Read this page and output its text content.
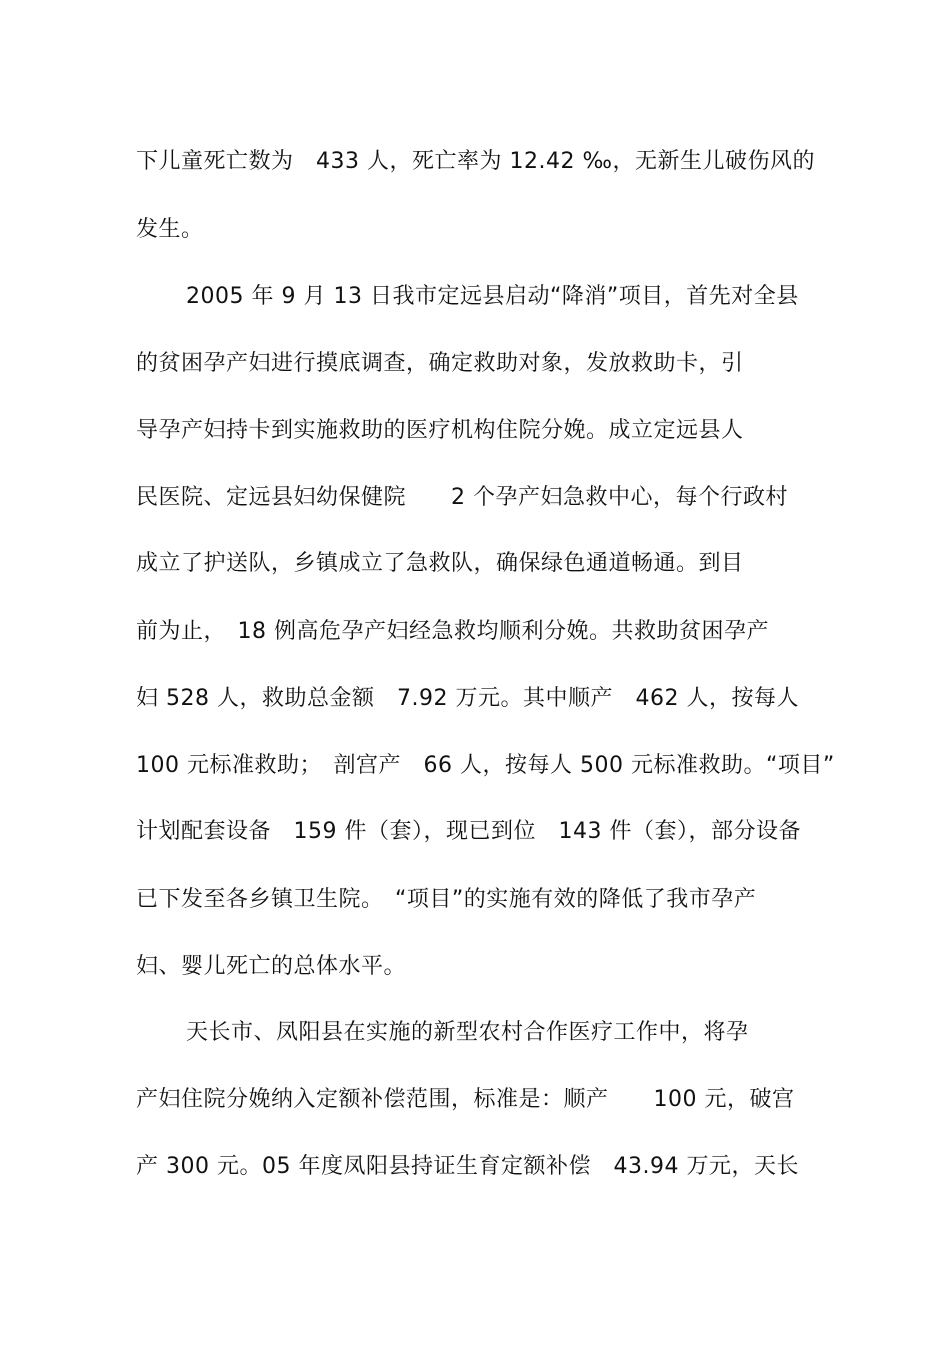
下儿童死亡数为　433 人，死亡率为 12.42 ‰，无新生儿破伤风的
发生。
2005 年 9 月 13 日我市定远县启动“降消”项目，首先对全县
的贫困孕产妇进行摸底调查，确定救助对象，发放救助卡，引
导孕产妇持卡到实施救助的医疗机构住院分娩。成立定远县人
民医院、定远县妇幼保健院　　2 个孕产妇急救中心，每个行政村
成立了护送队，乡镇成立了急救队，确保绿色通道畅通。到目
前为止，　18 例高危孕产妇经急救均顺利分娩。共救助贫困孕产
妇 528 人，救助总金额　7.92 万元。其中顺产　462 人，按每人
100 元标准救助；　剖宫产　66 人，按每人 500 元标准救助。“项目”
计划配套设备　159 件（套），现已到位　143 件（套），部分设备
已下发至各乡镇卫生院。　“项目”的实施有效的降低了我市孕产
妇、婴儿死亡的总体水平。
天长市、凤阳县在实施的新型农村合作医疗工作中，将孕
产妇住院分娩纳入定额补偿范围，标准是：顺产　　100 元，破宫
产 300 元。05 年度凤阳县持证生育定额补偿　43.94 万元，天长
